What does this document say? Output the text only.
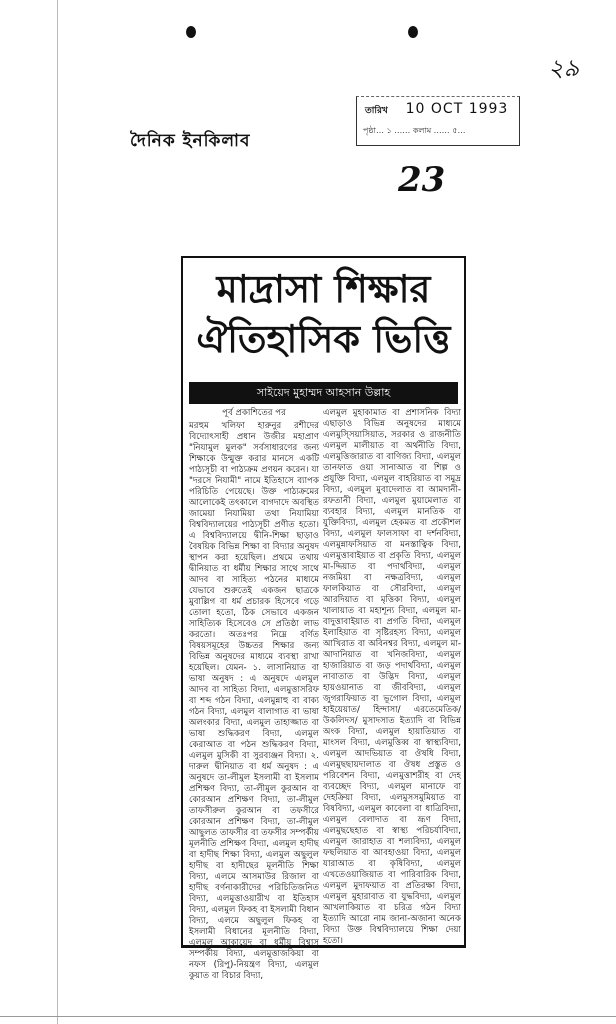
২৯
দৈনিক ইনকিলাব
তারিখ 10 OCT 1993
পৃষ্ঠা… ১ …… কলাম …… ৫…
23
মাদ্রাসা শিক্ষার
ঐতিহাসিক ভিত্তি
সাইয়েদ মুহাম্মদ আহসান উল্লাহ

পূর্ব প্রকাশিতের পর

মরহুম খলিফা হারুনুর রশীদের বিদ্যোৎসাহী প্রধান উজীর মহাপ্রাণ "নিযামুল মুলক" সর্বসাধারণের জন্য শিক্ষাকে উন্মুক্ত করার মানসে একটি পাঠ্যসূচী বা পাঠ্যক্রম প্রণয়ন করেন। যা "দরসে নিযামী" নামে ইতিহাসে ব্যাপক পরিচিতি পেয়েছে। উক্ত পাঠ্যক্রমের আলোকেই তৎকালে বাগদাদে অবস্থিত জামেয়া নিযামিয়া তথা নিযামিয়া বিশ্ববিদ্যালয়ের পাঠ্যসূচী প্রণীত হতো। এ বিশ্ববিদ্যালয়ে দ্বীনি-শিক্ষা ছাড়াও বৈষয়িক বিভিন্ন শিক্ষা বা বিদ্যার অনুষদ স্থাপন করা হয়েছিল। প্রথমে তথায় দ্বীনিয়াত বা ধর্মীয় শিক্ষার সাথে সাথে আদব বা সাহিত্য পঠনের মাধ্যমে যেভাবে শুরুতেই একজন ছাত্রকে মুবাল্লিগ বা ধর্ম প্রচারক হিসেবে গড়ে তোলা হতো, ঠিক সেভাবে একজন সাহিত্যিক হিসেবেও সে প্রতিষ্ঠা লাভ করতো। অতঃপর নিম্নে বর্ণিত বিষয়সমূহের উচ্চতর শিক্ষার জন্য বিভিন্ন অনুষদের মাধ্যমে ব্যবস্থা রাখা হয়েছিল। যেমন- ১. লাসানিয়াত বা ভাষা অনুষদ : এ অনুষদে এলমুল আদব বা সাহিত্য বিদ্যা, এলমুত্তাসরিফ বা শব্দ গঠন বিদ্যা, এলমুন্নাহু বা বাক্য গঠন বিদ্যা, এলমুল বালাগাত বা ভাষা অলংকার বিদ্যা, এলমুল তাহাজ্জাত বা ভাষা শুদ্ধিকরণ বিদ্যা, এলমুল কেরাআত বা পঠন শুদ্ধিকরণ বিদ্যা, এলমুল মুসিকী বা সুরব্যঞ্জন বিদ্যা। ২. দারুল দ্বীনিয়াত বা ধর্ম অনুষদ : এ অনুষদে তা-লীমুল ইসলামী বা ইসলাম প্রশিক্ষণ বিদ্যা, তা-লীমুল কুরআন বা কোরআন প্রশিক্ষণ বিদ্যা, তা-লীমুল তাফসীরুল কুরআন বা তফসীরে কোরআন প্রশিক্ষণ বিদ্যা, তা-লীমুল আছুলত তাফসীর বা তফসীর সম্পর্কীয় মূলনীতি প্রশিক্ষণ বিদ্যা, এলমুল হাদীছ বা হাদীছ শিক্ষা বিদ্যা, এলমুল অছুলুল হাদীছ বা হাদীছের মূলনীতি শিক্ষা বিদ্যা, এলমে আসমাউর রিজাল বা হাদীছ বর্ণনাকারীদের পরিচিতিজনিত বিদ্যা, এলমুত্তাওয়ারীখ বা ইতিহাস বিদ্যা, এলমুল ফিকহ বা ইসলামী বিধান বিদ্যা, এলমে অছুলুল ফিকহ বা ইসলামী বিধানের মূলনীতি বিদ্যা, এলমুল আকায়েদ বা ধর্মীয় বিশ্বাস সম্পর্কীয় বিদ্যা, এলমুত্তাজকিয়া বা নফস (রিপু)-নিয়ন্ত্রণ বিদ্যা, এলমুল কুয়াত বা বিচার বিদ্যা,

এলমুল মুহাকামাত বা প্রশাসনিক বিদ্যা এছাড়াও বিভিন্ন অনুষদের মাধ্যমে এলমুস্সিয়াসিয়াত, সরকার ও রাজনীতি এলমুল মালীয়াত বা অর্থনীতি বিদ্যা, এলমুত্তিজারাত বা বাণিজ্য বিদ্যা, এলমুল তানফাত ওয়া সানাআত বা শিল্প ও প্রযুক্তি বিদ্যা, এলমুল বাহরিয়াত বা সমুদ্র বিদ্যা, এলমুল মুবাদেলাত বা আমদানী-রফতানী বিদ্যা, এলমুল মুয়ামেলাত বা ব্যবহার বিদ্যা, এলমুল মানতিক বা যুক্তিবিদ্যা, এলমুল হেকমত বা প্রকৌশল বিদ্যা, এলমুল ফালসাফা বা দর্শনবিদ্যা, এলমুন্নাফসিয়াত বা মনস্তাত্বিক বিদ্যা, এলমুত্তাবাইয়াত বা প্রকৃতি বিদ্যা, এলমুল মা-দ্দিয়াত বা পদার্থবিদ্যা, এলমুল নজমিয়া বা নক্ষত্রবিদ্যা, এলমুল ফালকিয়াত বা সৌরবিদ্যা, এলমুল আরদিয়াত বা মৃত্তিকা বিদ্যা, এলমুল খালায়াত বা মহাশূন্য বিদ্যা, এলমুল মা-বাদুত্তাবাইয়াত বা প্রগতি বিদ্যা, এলমুল ইলাহিয়াত বা সৃষ্টিরহস্য বিদ্যা, এলমুল আখিরাত বা অবিনশ্বর বিদ্যা, এলমুল মা-আদানিয়াত বা খনিজবিদ্যা, এলমুল হাজারিয়াত বা জড় পদার্থবিদ্যা, এলমুল নাবাতাত বা উদ্ভিদ বিদ্যা, এলমুল হায়ওয়ানাত বা জীববিদ্যা, এলমুল জুগরাফিয়াত বা ভূগোল বিদ্যা, এলমুল হাইয়েয়াত/ হিন্দাসা/ এরতেমেতিক/ উকলিদস/ মুসাদসাত ইত্যাদি বা বিভিন্ন অংক বিদ্যা, এলমুল হায়াতিয়াত বা মাংসল বিদ্যা, এলমুত্তিব্ব বা স্বাস্থ্যবিদ্যা, এলমুল আদভিয়াত বা ঔষধি বিদ্যা, এলমুছছায়দালাত বা ঔষধ প্রস্তুত ও পরিবেশন বিদ্যা, এলমুত্তাশরীহ বা দেহ ব্যবচ্ছেদ বিদ্যা, এলমুল মানাফে বা দেহক্রিয়া বিদ্যা, এলমুসসমুমিয়াত বা বিষবিদ্যা, এলমুল কাবেলা বা ধাত্রিবিদ্যা, এলমুল বেলাদাত বা ভ্রূণ বিদ্যা, এলমুছছেহাত বা স্বাস্থ্য পরিচর্যাবিদ্যা, এলমুল জারাহাত বা শল্যবিদ্যা, এলমুল ফছলিয়াত বা আবহাওয়া বিদ্যা, এলমুল যারাআত বা কৃষিবিদ্যা, এলমুল এখতেওয়াজিয়াত বা পারিবারিক বিদ্যা, এলমুল মুদাফয়াত বা প্রতিরক্ষা বিদ্যা, এলমুল মুহারাবাত বা যুদ্ধবিদ্যা, এলমুল আখলাকিয়াত বা চরিত্র গঠন বিদ্যা ইত্যাদি আরো নাম জানা-অজানা অনেক বিদ্যা উক্ত বিশ্ববিদ্যালয়ে শিক্ষা দেয়া হতো।
